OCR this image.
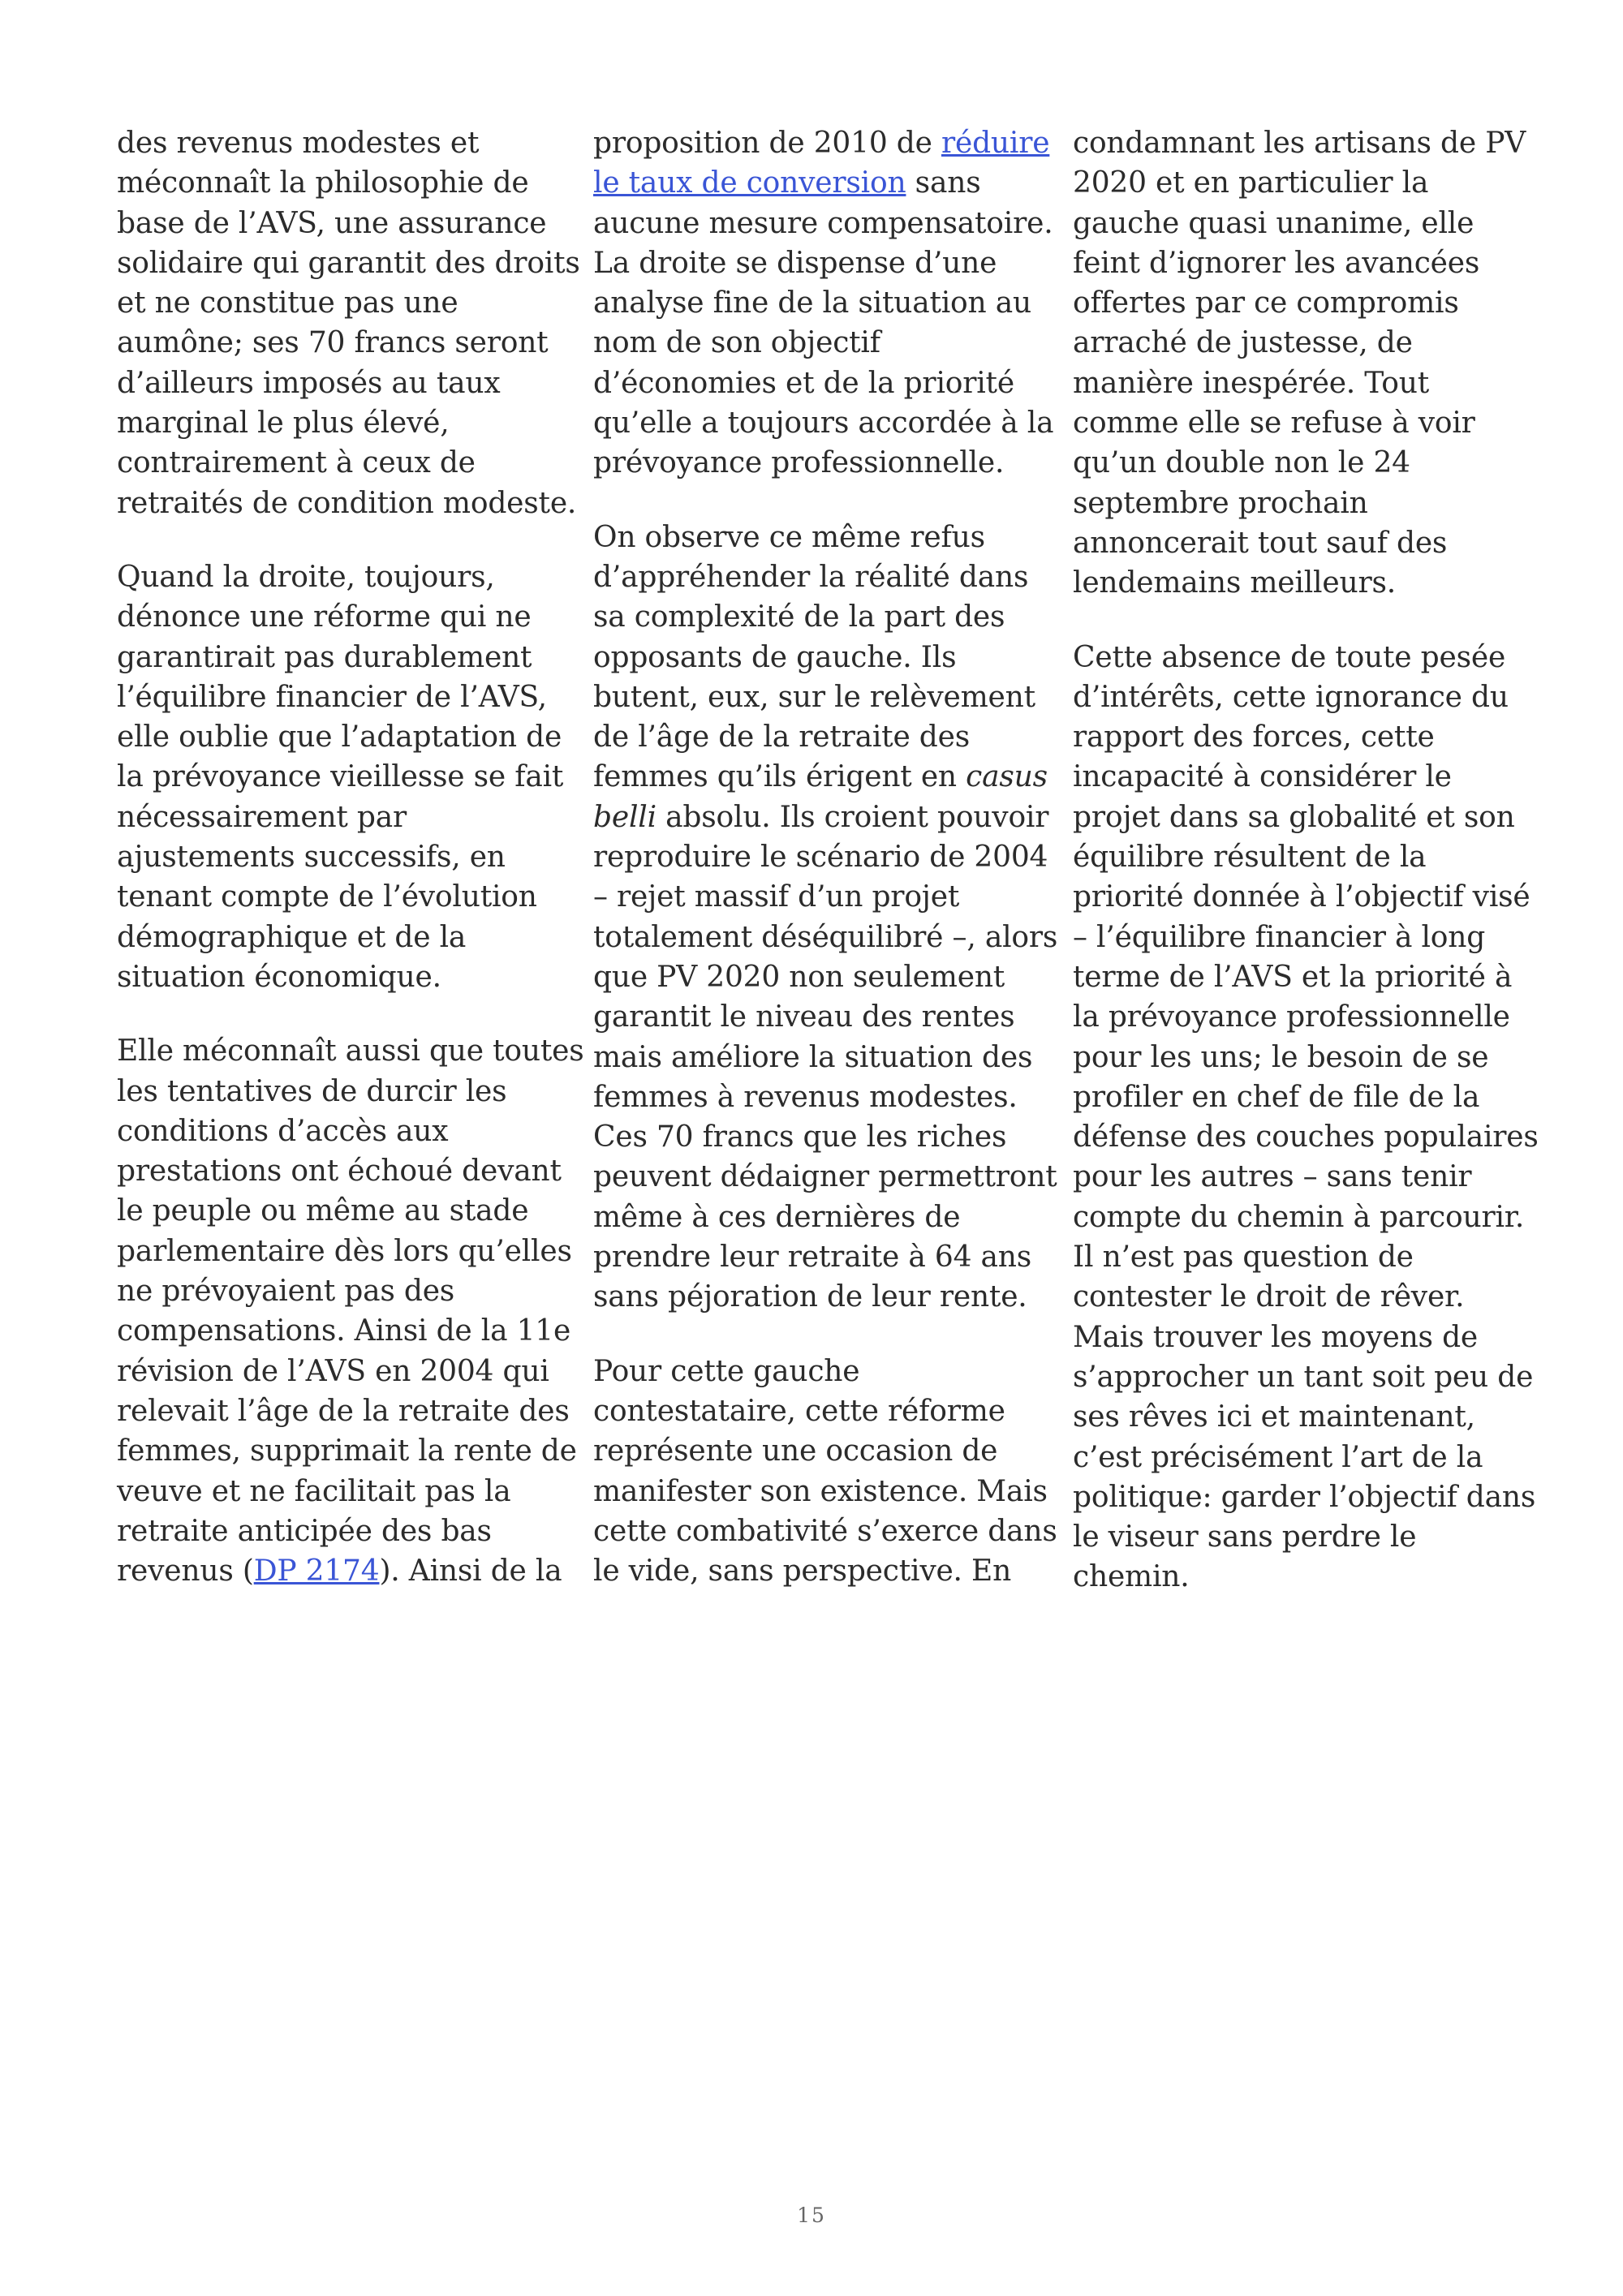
des revenus modestes et
méconnaît la philosophie de
base de l’AVS, une assurance
solidaire qui garantit des droits
et ne constitue pas une
aumône; ses 70 francs seront
d’ailleurs imposés au taux
marginal le plus élevé,
contrairement à ceux de
retraités de condition modeste.
Quand la droite, toujours,
dénonce une réforme qui ne
garantirait pas durablement
l’équilibre financier de l’AVS,
elle oublie que l’adaptation de
la prévoyance vieillesse se fait
nécessairement par
ajustements successifs, en
tenant compte de l’évolution
démographique et de la
situation économique.
Elle méconnaît aussi que toutes
les tentatives de durcir les
conditions d’accès aux
prestations ont échoué devant
le peuple ou même au stade
parlementaire dès lors qu’elles
ne prévoyaient pas des
compensations. Ainsi de la 11e
révision de l’AVS en 2004 qui
relevait l’âge de la retraite des
femmes, supprimait la rente de
veuve et ne facilitait pas la
retraite anticipée des bas
revenus (DP 2174). Ainsi de la
proposition de 2010 de réduire
le taux de conversion sans
aucune mesure compensatoire.
La droite se dispense d’une
analyse fine de la situation au
nom de son objectif
d’économies et de la priorité
qu’elle a toujours accordée à la
prévoyance professionnelle.
On observe ce même refus
d’appréhender la réalité dans
sa complexité de la part des
opposants de gauche. Ils
butent, eux, sur le relèvement
de l’âge de la retraite des
femmes qu’ils érigent en casus
belli absolu. Ils croient pouvoir
reproduire le scénario de 2004
– rejet massif d’un projet
totalement déséquilibré –, alors
que PV 2020 non seulement
garantit le niveau des rentes
mais améliore la situation des
femmes à revenus modestes.
Ces 70 francs que les riches
peuvent dédaigner permettront
même à ces dernières de
prendre leur retraite à 64 ans
sans péjoration de leur rente.
Pour cette gauche
contestataire, cette réforme
représente une occasion de
manifester son existence. Mais
cette combativité s’exerce dans
le vide, sans perspective. En
condamnant les artisans de PV
2020 et en particulier la
gauche quasi unanime, elle
feint d’ignorer les avancées
offertes par ce compromis
arraché de justesse, de
manière inespérée. Tout
comme elle se refuse à voir
qu’un double non le 24
septembre prochain
annoncerait tout sauf des
lendemains meilleurs.
Cette absence de toute pesée
d’intérêts, cette ignorance du
rapport des forces, cette
incapacité à considérer le
projet dans sa globalité et son
équilibre résultent de la
priorité donnée à l’objectif visé
– l’équilibre financier à long
terme de l’AVS et la priorité à
la prévoyance professionnelle
pour les uns; le besoin de se
profiler en chef de file de la
défense des couches populaires
pour les autres – sans tenir
compte du chemin à parcourir.
Il n’est pas question de
contester le droit de rêver.
Mais trouver les moyens de
s’approcher un tant soit peu de
ses rêves ici et maintenant,
c’est précisément l’art de la
politique: garder l’objectif dans
le viseur sans perdre le
chemin.
15
